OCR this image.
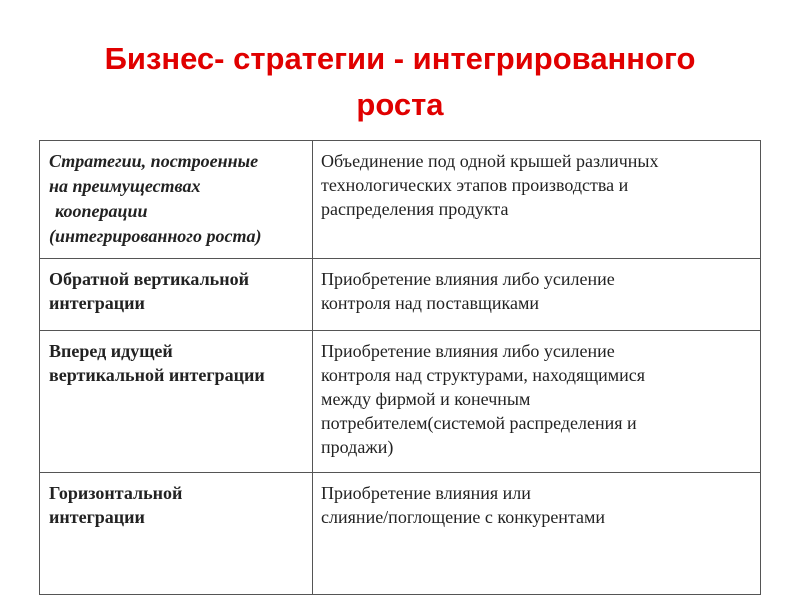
Бизнес- стратегии - интегрированного
роста
Стратегии, построенные
на преимуществах
кооперации
(интегрированного роста)	Объединение под одной крышей различных
технологических этапов производства и
распределения продукта

Обратной вертикальной
интеграции	Приобретение влияния либо усиление
контроля над поставщиками

Вперед идущей
вертикальной интеграции	Приобретение влияния либо усиление
контроля над структурами, находящимися
между фирмой и конечным
потребителем(системой распределения и
продажи)

Горизонтальной
интеграции	Приобретение влияния или
слияние/поглощение с конкурентами
